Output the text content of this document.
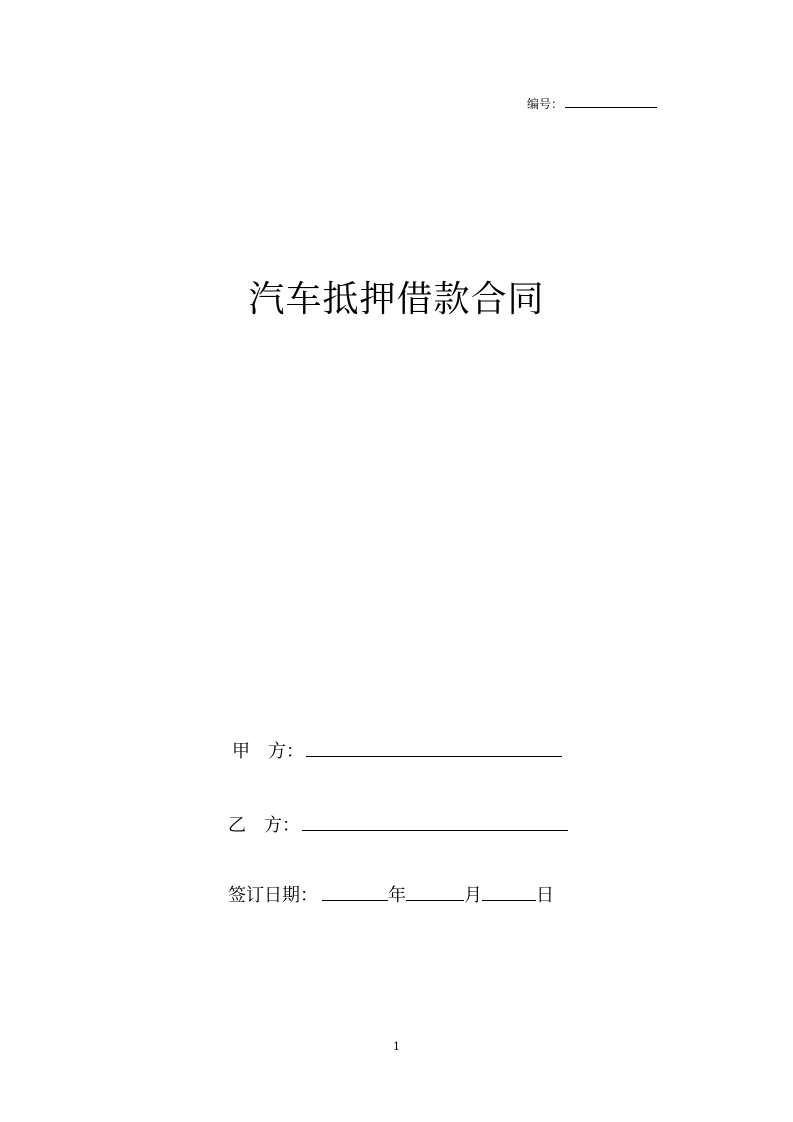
编号：
汽车抵押借款合同
甲　方：
乙　方：
签订日期：	年	月	日
1
